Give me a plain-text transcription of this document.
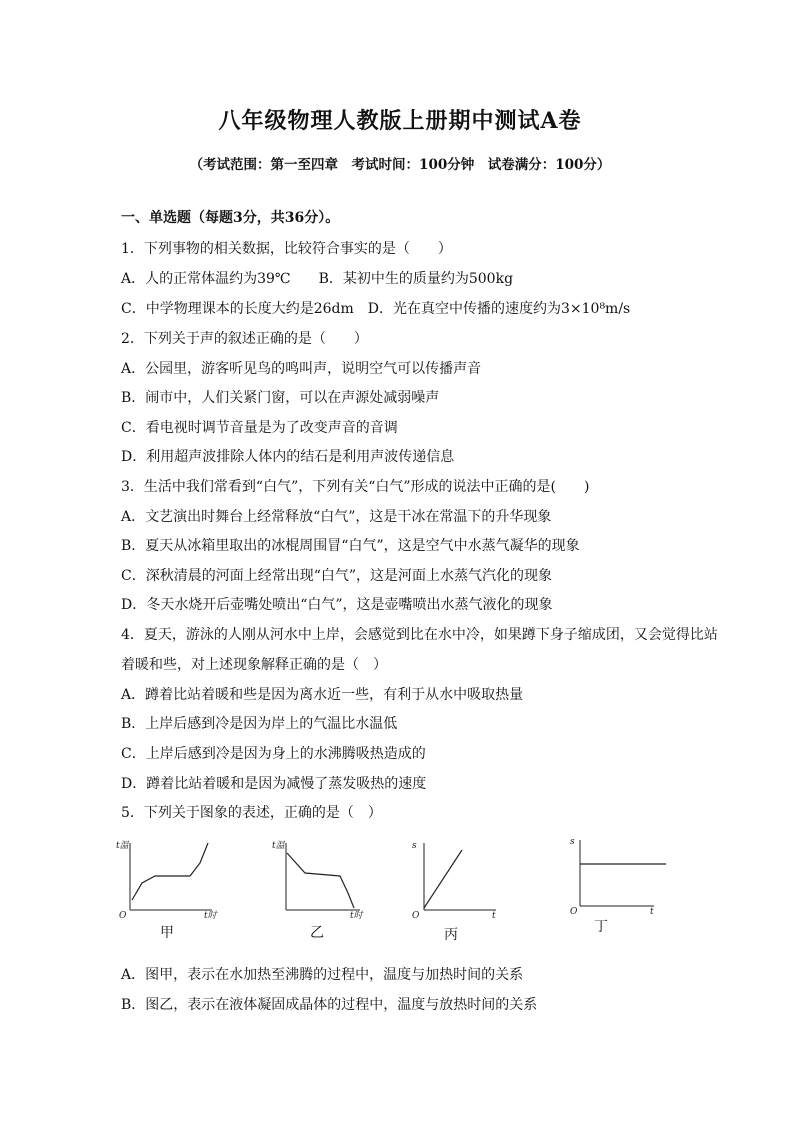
八年级物理人教版上册期中测试A卷
（考试范围：第一至四章　考试时间：100分钟　试卷满分：100分）
一、单选题（每题3分，共36分）。
1．下列事物的相关数据，比较符合事实的是（　　）
A．人的正常体温约为39℃　　B．某初中生的质量约为500kg
C．中学物理课本的长度大约是26dm　D．光在真空中传播的速度约为3×10⁸m/s
2．下列关于声的叙述正确的是（　　）
A．公园里，游客听见鸟的鸣叫声，说明空气可以传播声音
B．闹市中，人们关紧门窗，可以在声源处减弱噪声
C．看电视时调节音量是为了改变声音的音调
D．利用超声波排除人体内的结石是利用声波传递信息
3．生活中我们常看到“白气”，下列有关“白气”形成的说法中正确的是(　　)
A．文艺演出时舞台上经常释放“白气”，这是干冰在常温下的升华现象
B．夏天从冰箱里取出的冰棍周围冒“白气”，这是空气中水蒸气凝华的现象
C．深秋清晨的河面上经常出现“白气”，这是河面上水蒸气汽化的现象
D．冬天水烧开后壶嘴处喷出“白气”，这是壶嘴喷出水蒸气液化的现象
4．夏天，游泳的人刚从河水中上岸，会感觉到比在水中冷，如果蹲下身子缩成团，又会觉得比站
着暖和些，对上述现象解释正确的是（　）
A．蹲着比站着暖和些是因为离水近一些，有利于从水中吸取热量
B．上岸后感到冷是因为岸上的气温比水温低
C．上岸后感到冷是因为身上的水沸腾吸热造成的
D．蹲着比站着暖和是因为减慢了蒸发吸热的速度
5．下列关于图象的表述，正确的是（　）
t温
t时
O
甲
t温
t时
乙
s
t
O
丙
s
t
O
丁
A．图甲，表示在水加热至沸腾的过程中，温度与加热时间的关系
B．图乙，表示在液体凝固成晶体的过程中，温度与放热时间的关系
